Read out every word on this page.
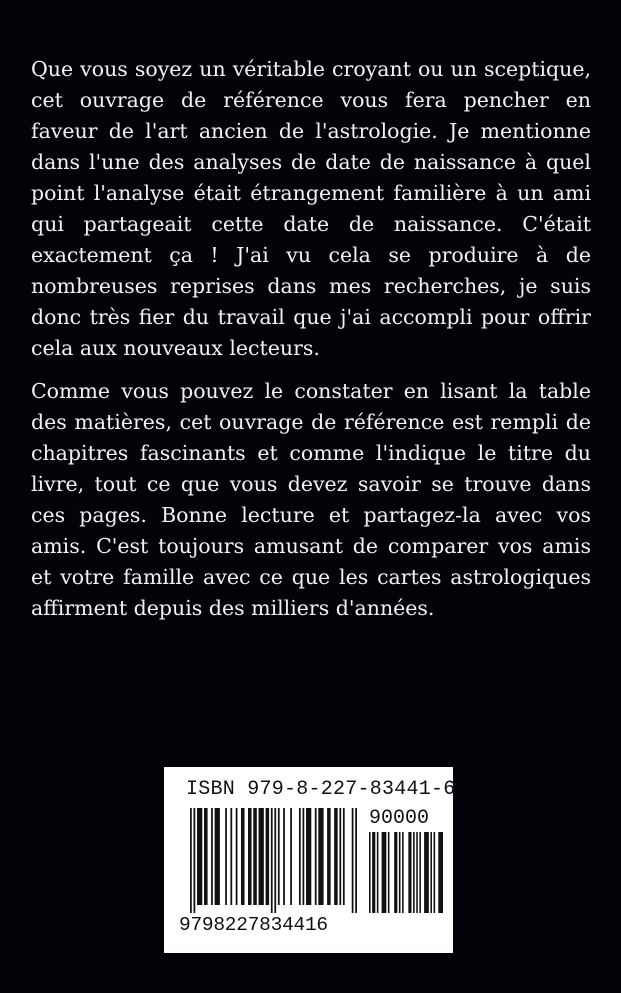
Que vous soyez un véritable croyant ou un sceptique, cet ouvrage de référence vous fera pencher en faveur de l'art ancien de l'astrologie. Je mentionne dans l'une des analyses de date de naissance à quel point l'analyse était étrangement familière à un ami qui partageait cette date de naissance. C'était exactement ça ! J'ai vu cela se produire à de nombreuses reprises dans mes recherches, je suis donc très fier du travail que j'ai accompli pour offrir cela aux nouveaux lecteurs.

Comme vous pouvez le constater en lisant la table des matières, cet ouvrage de référence est rempli de chapitres fascinants et comme l'indique le titre du livre, tout ce que vous devez savoir se trouve dans ces pages. Bonne lecture et partagez-la avec vos amis. C'est toujours amusant de comparer vos amis et votre famille avec ce que les cartes astrologiques affirment depuis des milliers d'années.

ISBN 979-8-227-83441-6
90000
9798227834416
